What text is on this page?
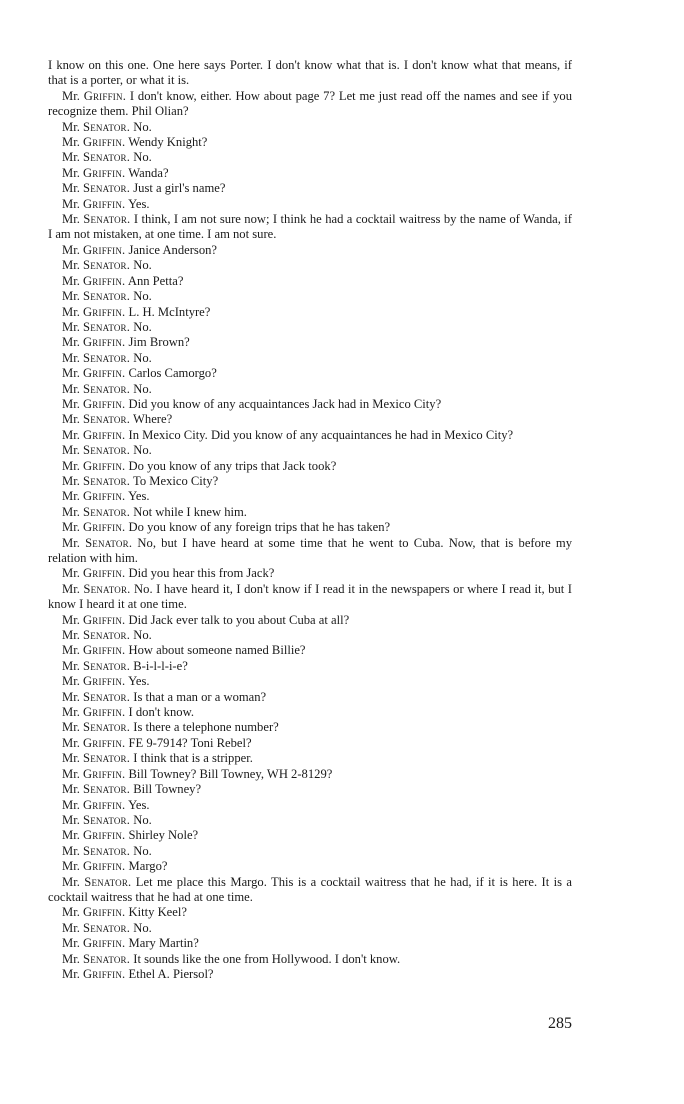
I know on this one. One here says Porter. I don't know what that is. I don't know what that means, if that is a porter, or what it is.

Mr. Griffin. I don't know, either. How about page 7? Let me just read off the names and see if you recognize them. Phil Olian?

Mr. Senator. No.

Mr. Griffin. Wendy Knight?

Mr. Senator. No.

Mr. Griffin. Wanda?

Mr. Senator. Just a girl's name?

Mr. Griffin. Yes.

Mr. Senator. I think, I am not sure now; I think he had a cocktail waitress by the name of Wanda, if I am not mistaken, at one time. I am not sure.

Mr. Griffin. Janice Anderson?

Mr. Senator. No.

Mr. Griffin. Ann Petta?

Mr. Senator. No.

Mr. Griffin. L. H. McIntyre?

Mr. Senator. No.

Mr. Griffin. Jim Brown?

Mr. Senator. No.

Mr. Griffin. Carlos Camorgo?

Mr. Senator. No.

Mr. Griffin. Did you know of any acquaintances Jack had in Mexico City?

Mr. Senator. Where?

Mr. Griffin. In Mexico City. Did you know of any acquaintances he had in Mexico City?

Mr. Senator. No.

Mr. Griffin. Do you know of any trips that Jack took?

Mr. Senator. To Mexico City?

Mr. Griffin. Yes.

Mr. Senator. Not while I knew him.

Mr. Griffin. Do you know of any foreign trips that he has taken?

Mr. Senator. No, but I have heard at some time that he went to Cuba. Now, that is before my relation with him.

Mr. Griffin. Did you hear this from Jack?

Mr. Senator. No. I have heard it, I don't know if I read it in the newspapers or where I read it, but I know I heard it at one time.

Mr. Griffin. Did Jack ever talk to you about Cuba at all?

Mr. Senator. No.

Mr. Griffin. How about someone named Billie?

Mr. Senator. B-i-l-l-i-e?

Mr. Griffin. Yes.

Mr. Senator. Is that a man or a woman?

Mr. Griffin. I don't know.

Mr. Senator. Is there a telephone number?

Mr. Griffin. FE 9-7914? Toni Rebel?

Mr. Senator. I think that is a stripper.

Mr. Griffin. Bill Towney? Bill Towney, WH 2-8129?

Mr. Senator. Bill Towney?

Mr. Griffin. Yes.

Mr. Senator. No.

Mr. Griffin. Shirley Nole?

Mr. Senator. No.

Mr. Griffin. Margo?

Mr. Senator. Let me place this Margo. This is a cocktail waitress that he had, if it is here. It is a cocktail waitress that he had at one time.

Mr. Griffin. Kitty Keel?

Mr. Senator. No.

Mr. Griffin. Mary Martin?

Mr. Senator. It sounds like the one from Hollywood. I don't know.

Mr. Griffin. Ethel A. Piersol?

285
